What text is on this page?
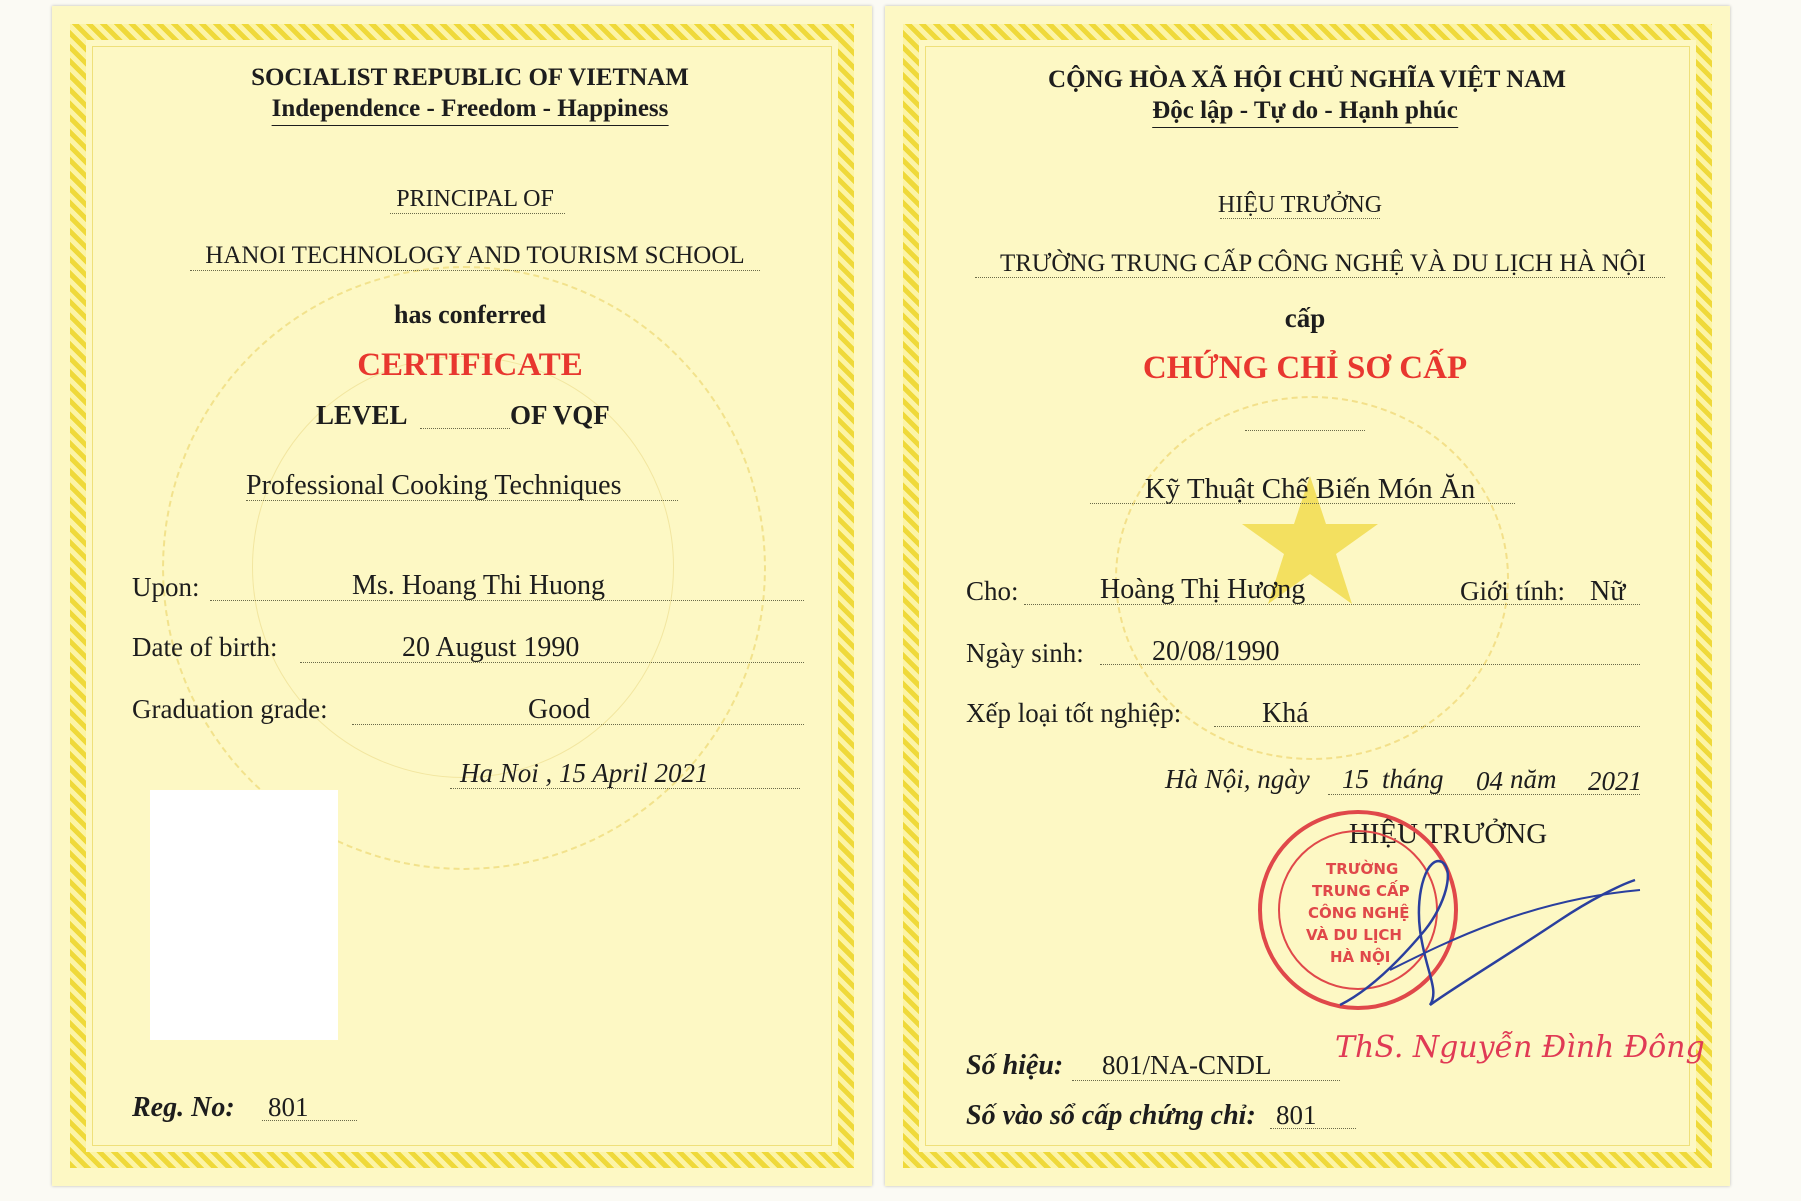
SOCIALIST REPUBLIC OF VIETNAM
Independence - Freedom - Happiness
PRINCIPAL OF
HANOI TECHNOLOGY AND TOURISM SCHOOL
has conferred
CERTIFICATE
LEVEL	OF VQF
Professional Cooking Techniques
Upon:	Ms. Hoang Thi Huong
Date of birth:	20 August 1990
Graduation grade:	Good
Ha Noi , 15 April 2021
Reg. No: 801
CỘNG HÒA XÃ HỘI CHỦ NGHĨA VIỆT NAM
Độc lập - Tự do - Hạnh phúc
HIỆU TRƯỞNG
TRƯỜNG TRUNG CẤP CÔNG NGHỆ VÀ DU LỊCH HÀ NỘI
cấp
CHỨNG CHỈ SƠ CẤP
Kỹ Thuật Chế Biến Món Ăn
Cho:	Hoàng Thị Hương	Giới tính: Nữ
Ngày sinh: 20/08/1990
Xếp loại tốt nghiệp:	Khá
Hà Nội, ngày 15 tháng 04 năm 2021
HIỆU TRƯỞNG
TRƯỜNG
TRUNG CẤP
CÔNG NGHỆ
VÀ DU LỊCH
HÀ NỘI
ThS. Nguyễn Đình Đông
Số hiệu: 801/NA-CNDL
Số vào sổ cấp chứng chỉ: 801
